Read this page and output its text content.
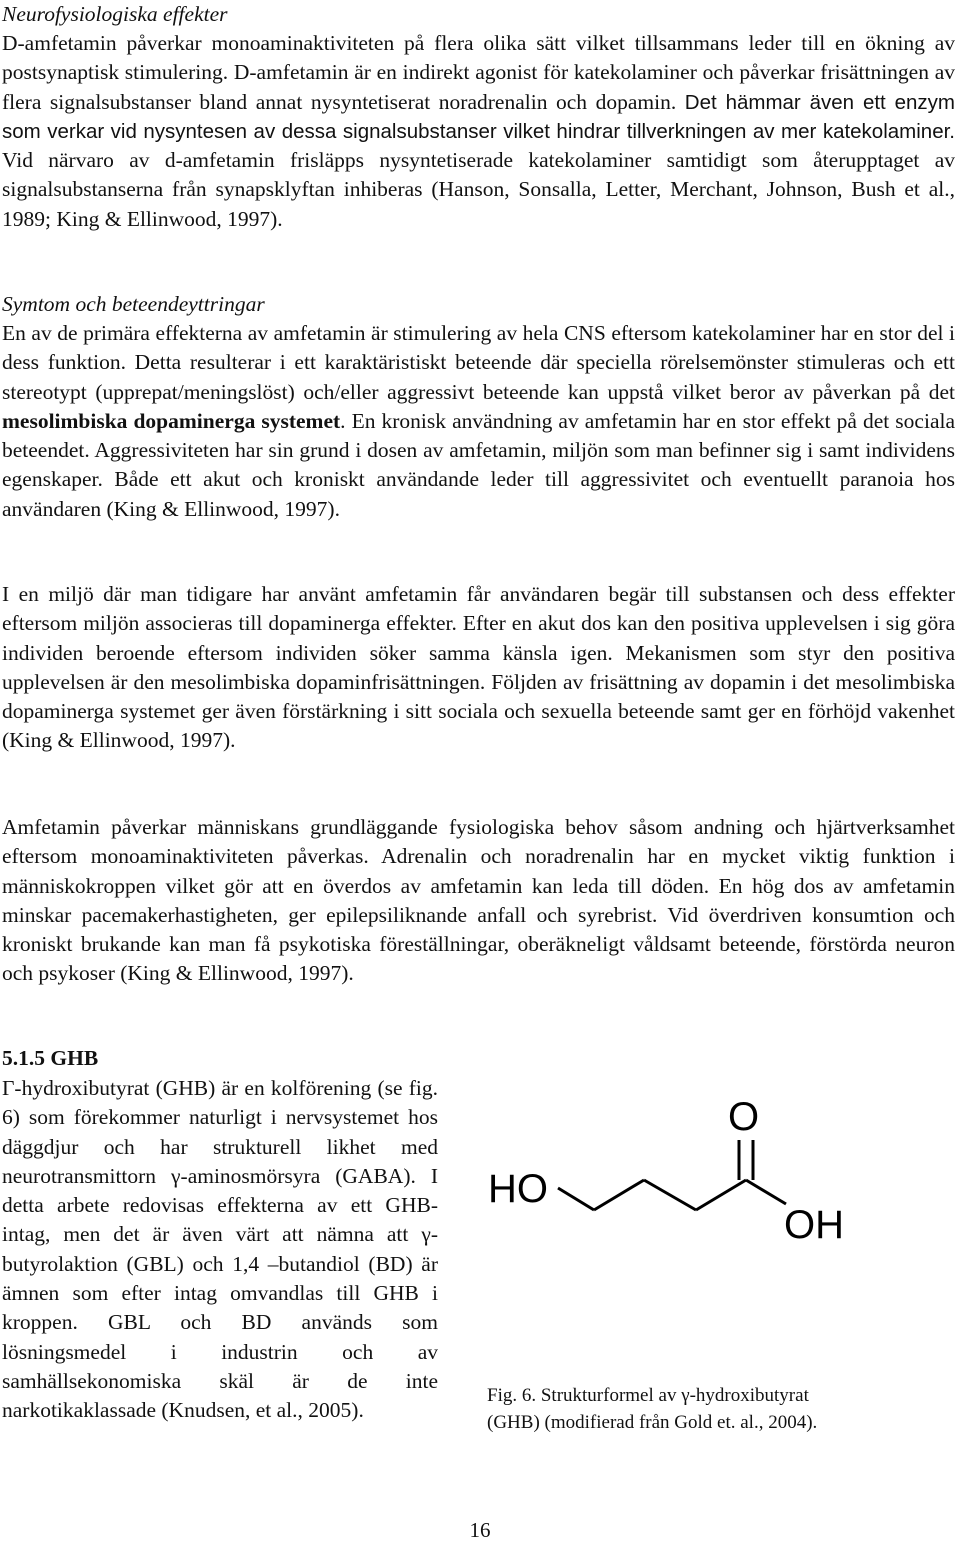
Neurofysiologiska effekter

D-amfetamin påverkar monoaminaktiviteten på flera olika sätt vilket tillsammans leder till en ökning av postsynaptisk stimulering. D-amfetamin är en indirekt agonist för katekolaminer och påverkar frisättningen av flera signalsubstanser bland annat nysyntetiserat noradrenalin och dopamin. Det hämmar även ett enzym som verkar vid nysyntesen av dessa signalsubstanser vilket hindrar tillverkningen av mer katekolaminer. Vid närvaro av d-amfetamin frisläpps nysyntetiserade katekolaminer samtidigt som återupptaget av signalsubstanserna från synapsklyftan inhiberas (Hanson, Sonsalla, Letter, Merchant, Johnson, Bush et al., 1989; King & Ellinwood, 1997).

Symtom och beteendeyttringar

En av de primära effekterna av amfetamin är stimulering av hela CNS eftersom katekolaminer har en stor del i dess funktion. Detta resulterar i ett karaktäristiskt beteende där speciella rörelsemönster stimuleras och ett stereotypt (upprepat/meningslöst) och/eller aggressivt beteende kan uppstå vilket beror av påverkan på det mesolimbiska dopaminerga systemet. En kronisk användning av amfetamin har en stor effekt på det sociala beteendet. Aggressiviteten har sin grund i dosen av amfetamin, miljön som man befinner sig i samt individens egenskaper. Både ett akut och kroniskt användande leder till aggressivitet och eventuellt paranoia hos användaren (King & Ellinwood, 1997).

I en miljö där man tidigare har använt amfetamin får användaren begär till substansen och dess effekter eftersom miljön associeras till dopaminerga effekter. Efter en akut dos kan den positiva upplevelsen i sig göra individen beroende eftersom individen söker samma känsla igen. Mekanismen som styr den positiva upplevelsen är den mesolimbiska dopaminfrisättningen. Följden av frisättning av dopamin i det mesolimbiska dopaminerga systemet ger även förstärkning i sitt sociala och sexuella beteende samt ger en förhöjd vakenhet (King & Ellinwood, 1997).

Amfetamin påverkar människans grundläggande fysiologiska behov såsom andning och hjärtverksamhet eftersom monoaminaktiviteten påverkas. Adrenalin och noradrenalin har en mycket viktig funktion i människokroppen vilket gör att en överdos av amfetamin kan leda till döden. En hög dos av amfetamin minskar pacemakerhastigheten, ger epilepsiliknande anfall och syrebrist. Vid överdriven konsumtion och kroniskt brukande kan man få psykotiska föreställningar, oberäkneligt våldsamt beteende, förstörda neuron och psykoser (King & Ellinwood, 1997).

5.1.5 GHB

Γ-hydroxibutyrat (GHB) är en kolförening (se fig. 6) som förekommer naturligt i nervsystemet hos däggdjur och har strukturell likhet med neurotransmittorn γ-aminosmörsyra (GABA). I detta arbete redovisas effekterna av ett GHB-intag, men det är även värt att nämna att γ-butyrolaktion (GBL) och 1,4 –butandiol (BD) är ämnen som efter intag omvandlas till GHB i kroppen. GBL och BD används som lösningsmedel i industrin och av samhällsekonomiska skäl är de inte narkotikaklassade (Knudsen, et al., 2005).

HO
O
OH

Fig. 6. Strukturformel av γ-hydroxibutyrat
(GHB) (modifierad från Gold et. al., 2004).

16
